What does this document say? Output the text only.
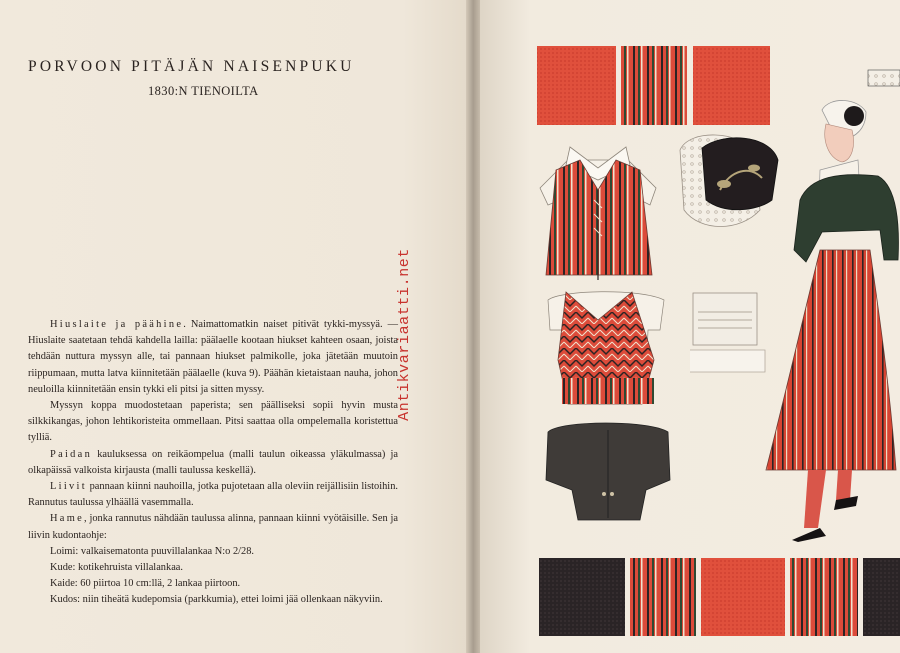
PORVOON PITÄJÄN NAISENPUKU
1830:N TIENOILTA
Antikvariaatti.net

Hiuslaite ja päähine. Naimattomatkin naiset pitivät tykki-myssyä. — Hiuslaite saatetaan tehdä kahdella lailla: päälaelle kootaan hiukset kahteen osaan, joista tehdään nuttura myssyn alle, tai pannaan hiukset palmikolle, joka jätetään muutoin riippumaan, mutta latva kiinnitetään päälaelle (kuva 9). Päähän kietaistaan nauha, johon neuloilla kiinnitetään ensin tykki eli pitsi ja sitten myssy.

Myssyn koppa muodostetaan paperista; sen päälliseksi sopii hyvin musta silkkikangas, johon lehtikoristeita ommellaan. Pitsi saattaa olla ompelemalla koristettua tylliä.

Paidan kauluksessa on reikäompelua (malli taulun oikeassa yläkulmassa) ja olkapäissä valkoista kirjausta (malli taulussa keskellä).

Liivit pannaan kiinni nauhoilla, jotka pujotetaan alla oleviin reijällisiin listoihin. Rannutus taulussa ylhäällä vasemmalla.

Hame, jonka rannutus nähdään taulussa alinna, pannaan kiinni vyötäisille. Sen ja liivin kudontaohje:

Loimi: valkaisematonta puuvillalankaa N:o 2/28.

Kude: kotikehruista villalankaa.

Kaide: 60 piirtoa 10 cm:llä, 2 lankaa piirtoon.

Kudos: niin tiheätä kudepomsia (parkkumia), ettei loimi jää ollenkaan näkyviin.
